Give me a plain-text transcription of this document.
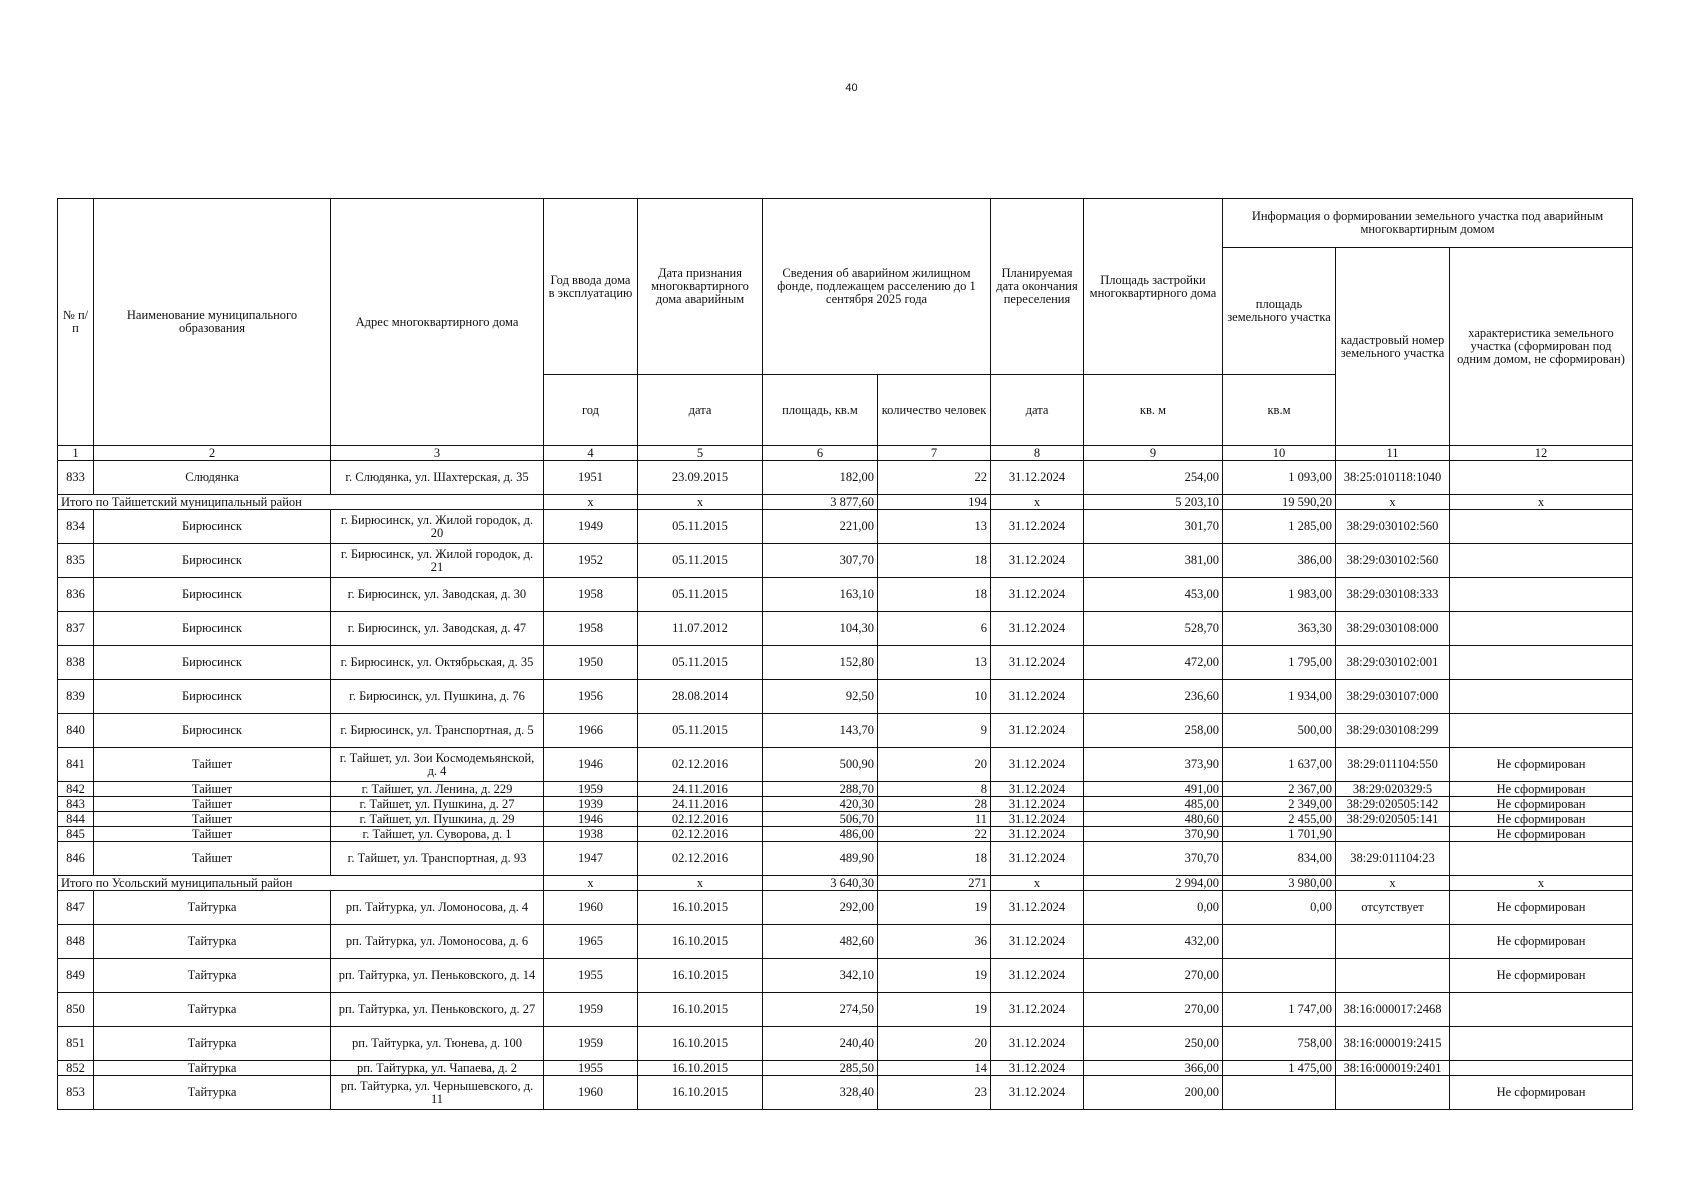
40
№ п/п	Наименование муниципального образования	Адрес многоквартирного дома	Год ввода дома в эксплуатацию	Дата признания многоквартирного дома аварийным	Сведения об аварийном жилищном фонде, подлежащем расселению до 1 сентября 2025 года		Планируемая дата окончания переселения	Площадь застройки многоквартирного дома	Информация о формировании земельного участка под аварийным многоквартирным домом		
									площадь земельного участка	кадастровый номер земельного участка	характеристика земельного участка (сформирован под одним домом, не сформирован)
			год	дата	площадь, кв.м	количество человек	дата	кв. м	кв.м		
1	2	3	4	5	6	7	8	9	10	11	12
833	Слюдянка	г. Слюдянка, ул. Шахтерская, д. 35	1951	23.09.2015	182,00	22	31.12.2024	254,00	1 093,00	38:25:010118:1040	
Итого по Тайшетский муниципальный район			х	х	3 877,60	194	х	5 203,10	19 590,20	х	х
834	Бирюсинск	г. Бирюсинск, ул. Жилой городок, д. 20	1949	05.11.2015	221,00	13	31.12.2024	301,70	1 285,00	38:29:030102:560	
835	Бирюсинск	г. Бирюсинск, ул. Жилой городок, д. 21	1952	05.11.2015	307,70	18	31.12.2024	381,00	386,00	38:29:030102:560	
836	Бирюсинск	г. Бирюсинск, ул. Заводская, д. 30	1958	05.11.2015	163,10	18	31.12.2024	453,00	1 983,00	38:29:030108:333	
837	Бирюсинск	г. Бирюсинск, ул. Заводская, д. 47	1958	11.07.2012	104,30	6	31.12.2024	528,70	363,30	38:29:030108:000	
838	Бирюсинск	г. Бирюсинск, ул. Октябрьская, д. 35	1950	05.11.2015	152,80	13	31.12.2024	472,00	1 795,00	38:29:030102:001	
839	Бирюсинск	г. Бирюсинск, ул. Пушкина, д. 76	1956	28.08.2014	92,50	10	31.12.2024	236,60	1 934,00	38:29:030107:000	
840	Бирюсинск	г. Бирюсинск, ул. Транспортная, д. 5	1966	05.11.2015	143,70	9	31.12.2024	258,00	500,00	38:29:030108:299	
841	Тайшет	г. Тайшет, ул. Зои Космодемьянской, д. 4	1946	02.12.2016	500,90	20	31.12.2024	373,90	1 637,00	38:29:011104:550	Не сформирован
842	Тайшет	г. Тайшет, ул. Ленина, д. 229	1959	24.11.2016	288,70	8	31.12.2024	491,00	2 367,00	38:29:020329:5	Не сформирован
843	Тайшет	г. Тайшет, ул. Пушкина, д. 27	1939	24.11.2016	420,30	28	31.12.2024	485,00	2 349,00	38:29:020505:142	Не сформирован
844	Тайшет	г. Тайшет, ул. Пушкина, д. 29	1946	02.12.2016	506,70	11	31.12.2024	480,60	2 455,00	38:29:020505:141	Не сформирован
845	Тайшет	г. Тайшет, ул. Суворова, д. 1	1938	02.12.2016	486,00	22	31.12.2024	370,90	1 701,90		Не сформирован
846	Тайшет	г. Тайшет, ул. Транспортная, д. 93	1947	02.12.2016	489,90	18	31.12.2024	370,70	834,00	38:29:011104:23	
Итого по Усольский муниципальный район			х	х	3 640,30	271	х	2 994,00	3 980,00	х	х
847	Тайтурка	рп. Тайтурка, ул. Ломоносова, д. 4	1960	16.10.2015	292,00	19	31.12.2024	0,00	0,00	отсутствует	Не сформирован
848	Тайтурка	рп. Тайтурка, ул. Ломоносова, д. 6	1965	16.10.2015	482,60	36	31.12.2024	432,00			Не сформирован
849	Тайтурка	рп. Тайтурка, ул. Пеньковского, д. 14	1955	16.10.2015	342,10	19	31.12.2024	270,00			Не сформирован
850	Тайтурка	рп. Тайтурка, ул. Пеньковского, д. 27	1959	16.10.2015	274,50	19	31.12.2024	270,00	1 747,00	38:16:000017:2468	
851	Тайтурка	рп. Тайтурка, ул. Тюнева, д. 100	1959	16.10.2015	240,40	20	31.12.2024	250,00	758,00	38:16:000019:2415	
852	Тайтурка	рп. Тайтурка, ул. Чапаева, д. 2	1955	16.10.2015	285,50	14	31.12.2024	366,00	1 475,00	38:16:000019:2401	
853	Тайтурка	рп. Тайтурка, ул. Чернышевского, д. 11	1960	16.10.2015	328,40	23	31.12.2024	200,00			Не сформирован
